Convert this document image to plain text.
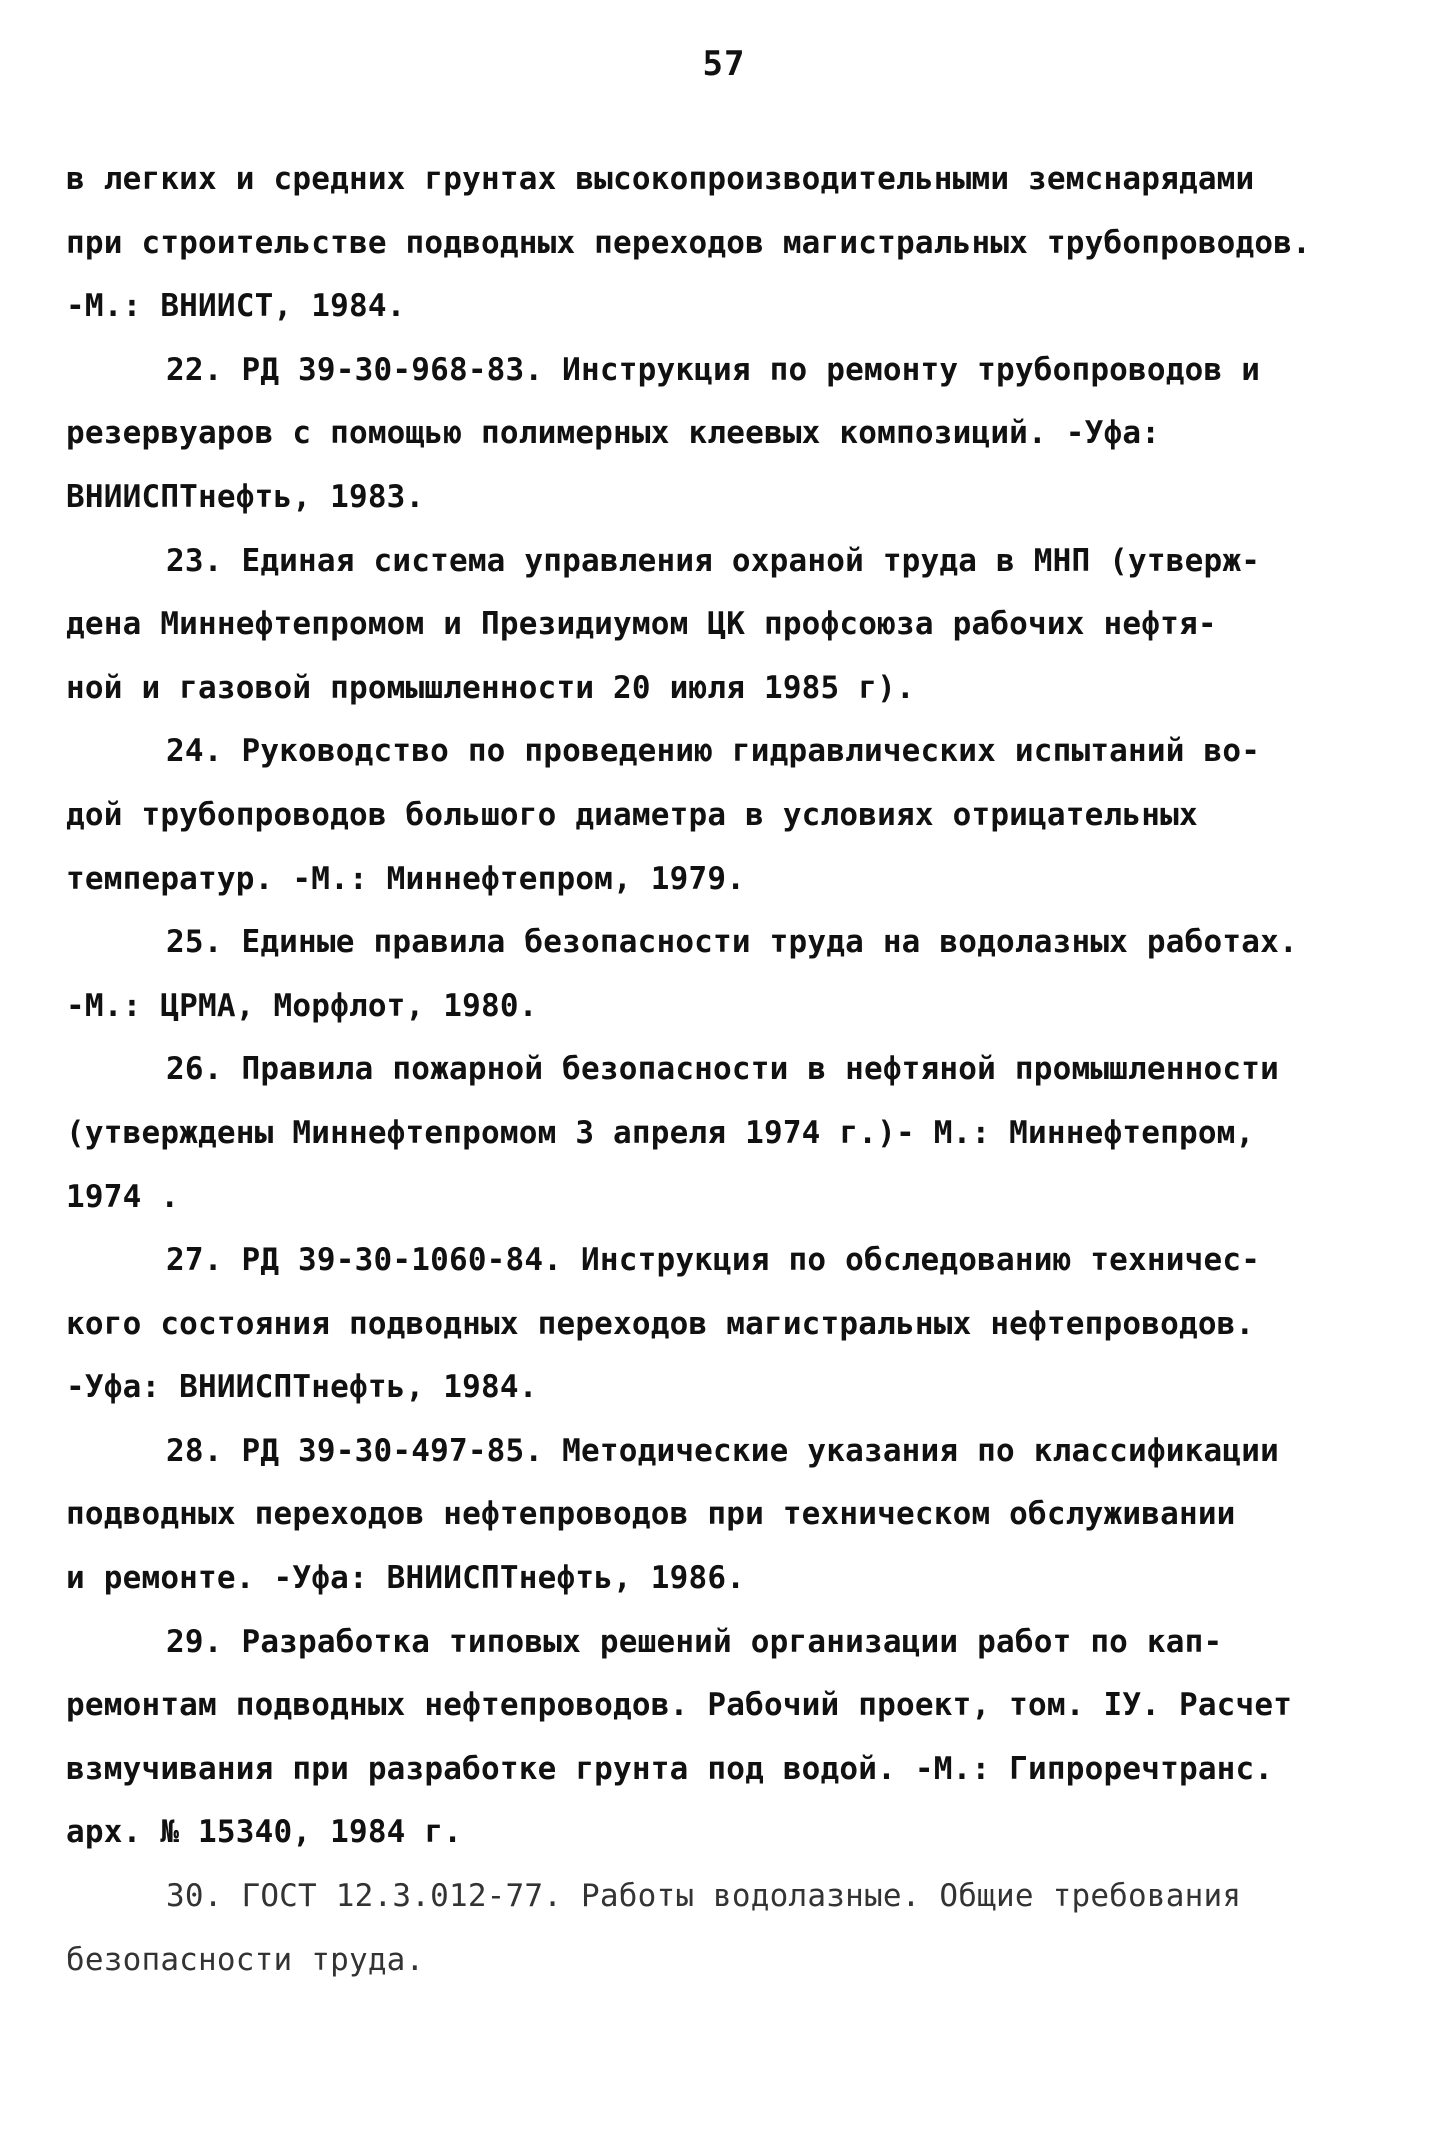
57
в легких и средних грунтах высокопроизводительными земснарядами
при строительстве подводных переходов магистральных трубопроводов.
-М.: ВНИИСТ, 1984.
22. РД 39-30-968-83. Инструкция по ремонту трубопроводов и
резервуаров с помощью полимерных клеевых композиций. -Уфа:
ВНИИСПТнефть, 1983.
23. Единая система управления охраной труда в МНП (утверж-
дена Миннефтепромом и Президиумом ЦК профсоюза рабочих нефтя-
ной и газовой промышленности 20 июля 1985 г).
24. Руководство по проведению гидравлических испытаний во-
дой трубопроводов большого диаметра в условиях отрицательных
температур. -М.: Миннефтепром, 1979.
25. Единые правила безопасности труда на водолазных работах.
-М.: ЦРМА, Морфлот, 1980.
26. Правила пожарной безопасности в нефтяной промышленности
(утверждены Миннефтепромом 3 апреля 1974 г.)- М.: Миннефтепром,
1974 .
27. РД 39-30-1060-84. Инструкция по обследованию техничес-
кого состояния подводных переходов магистральных нефтепроводов.
-Уфа: ВНИИСПТнефть, 1984.
28. РД 39-30-497-85. Методические указания по классификации
подводных переходов нефтепроводов при техническом обслуживании
и ремонте. -Уфа: ВНИИСПТнефть, 1986.
29. Разработка типовых решений организации работ по кап-
ремонтам подводных нефтепроводов. Рабочий проект, том. IУ. Расчет
взмучивания при разработке грунта под водой. -М.: Гипроречтранс.
арх. № 15340, 1984 г.
30. ГОСТ 12.3.012-77. Работы водолазные. Общие требования
безопасности труда.
